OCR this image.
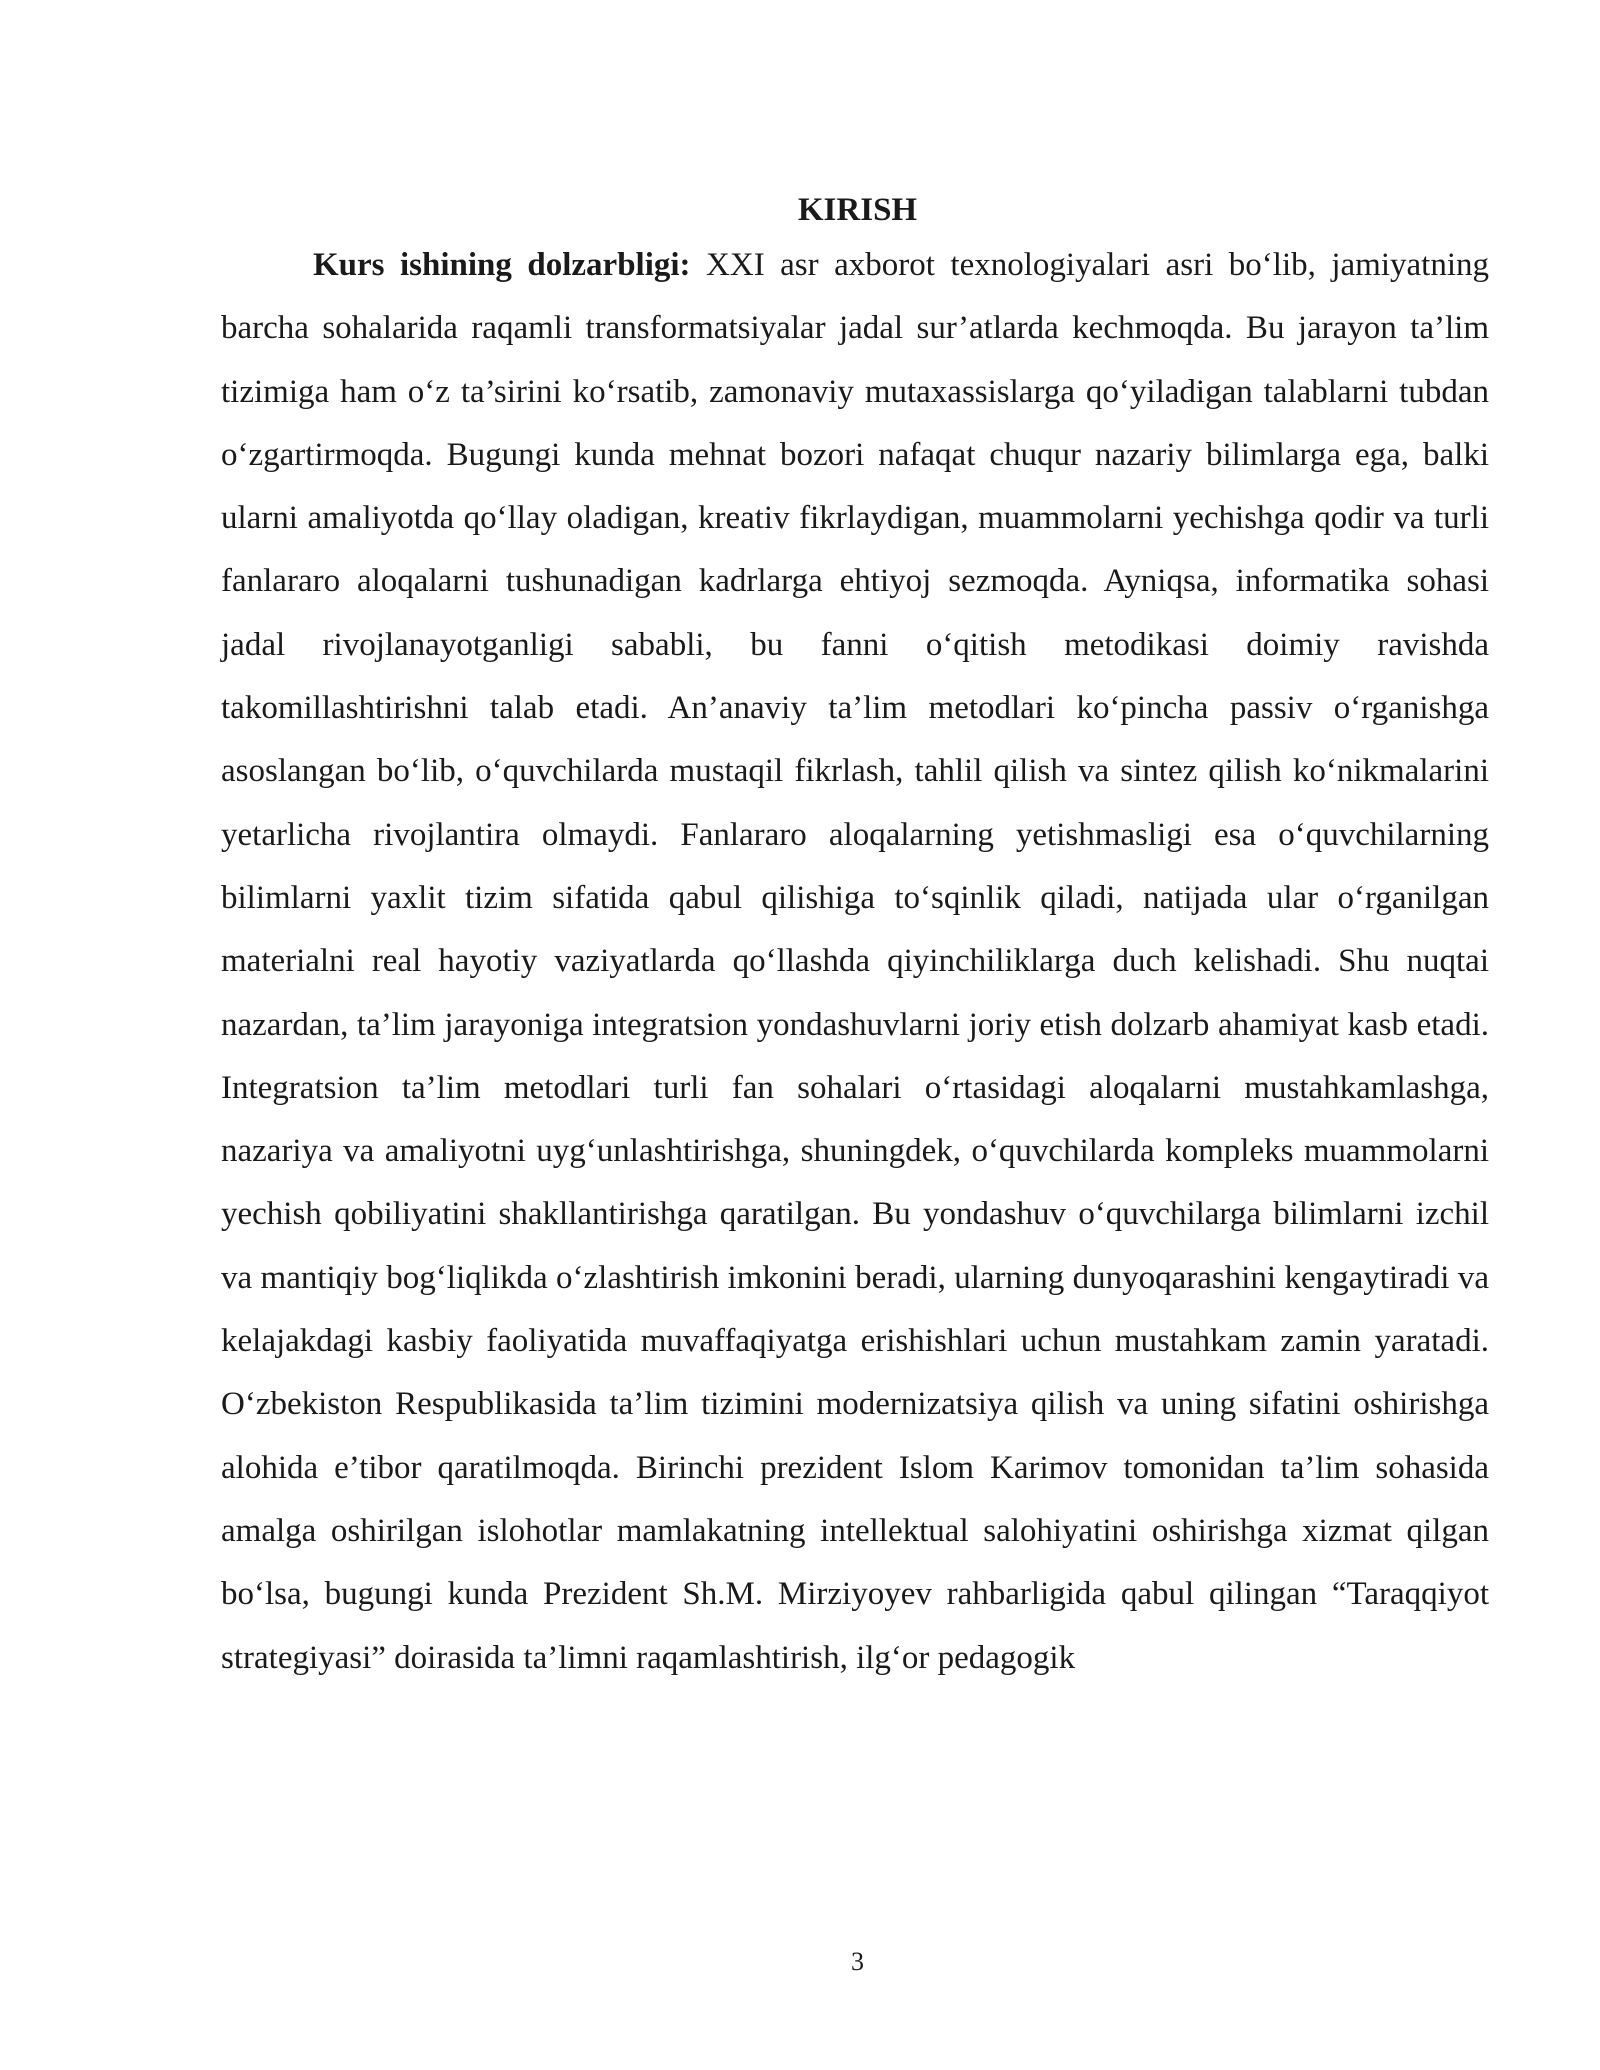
KIRISH

Kurs ishining dolzarbligi: XXI asr axborot texnologiyalari asri bo‘lib, jamiyatning barcha sohalarida raqamli transformatsiyalar jadal sur’atlarda kechmoqda. Bu jarayon ta’lim tizimiga ham o‘z ta’sirini ko‘rsatib, zamonaviy mutaxassislarga qo‘yiladigan talablarni tubdan o‘zgartirmoqda. Bugungi kunda mehnat bozori nafaqat chuqur nazariy bilimlarga ega, balki ularni amaliyotda qo‘llay oladigan, kreativ fikrlaydigan, muammolarni yechishga qodir va turli fanlararo aloqalarni tushunadigan kadrlarga ehtiyoj sezmoqda. Ayniqsa, informatika sohasi jadal rivojlanayotganligi sababli, bu fanni o‘qitish metodikasi doimiy ravishda takomillashtirishni talab etadi. An’anaviy ta’lim metodlari ko‘pincha passiv o‘rganishga asoslangan bo‘lib, o‘quvchilarda mustaqil fikrlash, tahlil qilish va sintez qilish ko‘nikmalarini yetarlicha rivojlantira olmaydi. Fanlararo aloqalarning yetishmasligi esa o‘quvchilarning bilimlarni yaxlit tizim sifatida qabul qilishiga to‘sqinlik qiladi, natijada ular o‘rganilgan materialni real hayotiy vaziyatlarda qo‘llashda qiyinchiliklarga duch kelishadi. Shu nuqtai nazardan, ta’lim jarayoniga integratsion yondashuvlarni joriy etish dolzarb ahamiyat kasb etadi. Integratsion ta’lim metodlari turli fan sohalari o‘rtasidagi aloqalarni mustahkamlashga, nazariya va amaliyotni uyg‘unlashtirishga, shuningdek, o‘quvchilarda kompleks muammolarni yechish qobiliyatini shakllantirishga qaratilgan. Bu yondashuv o‘quvchilarga bilimlarni izchil va mantiqiy bog‘liqlikda o‘zlashtirish imkonini beradi, ularning dunyoqarashini kengaytiradi va kelajakdagi kasbiy faoliyatida muvaffaqiyatga erishishlari uchun mustahkam zamin yaratadi. O‘zbekiston Respublikasida ta’lim tizimini modernizatsiya qilish va uning sifatini oshirishga alohida e’tibor qaratilmoqda. Birinchi prezident Islom Karimov tomonidan ta’lim sohasida amalga oshirilgan islohotlar mamlakatning intellektual salohiyatini oshirishga xizmat qilgan bo‘lsa, bugungi kunda Prezident Sh.M. Mirziyoyev rahbarligida qabul qilingan “Taraqqiyot strategiyasi” doirasida ta’limni raqamlashtirish, ilg‘or pedagogik

3
